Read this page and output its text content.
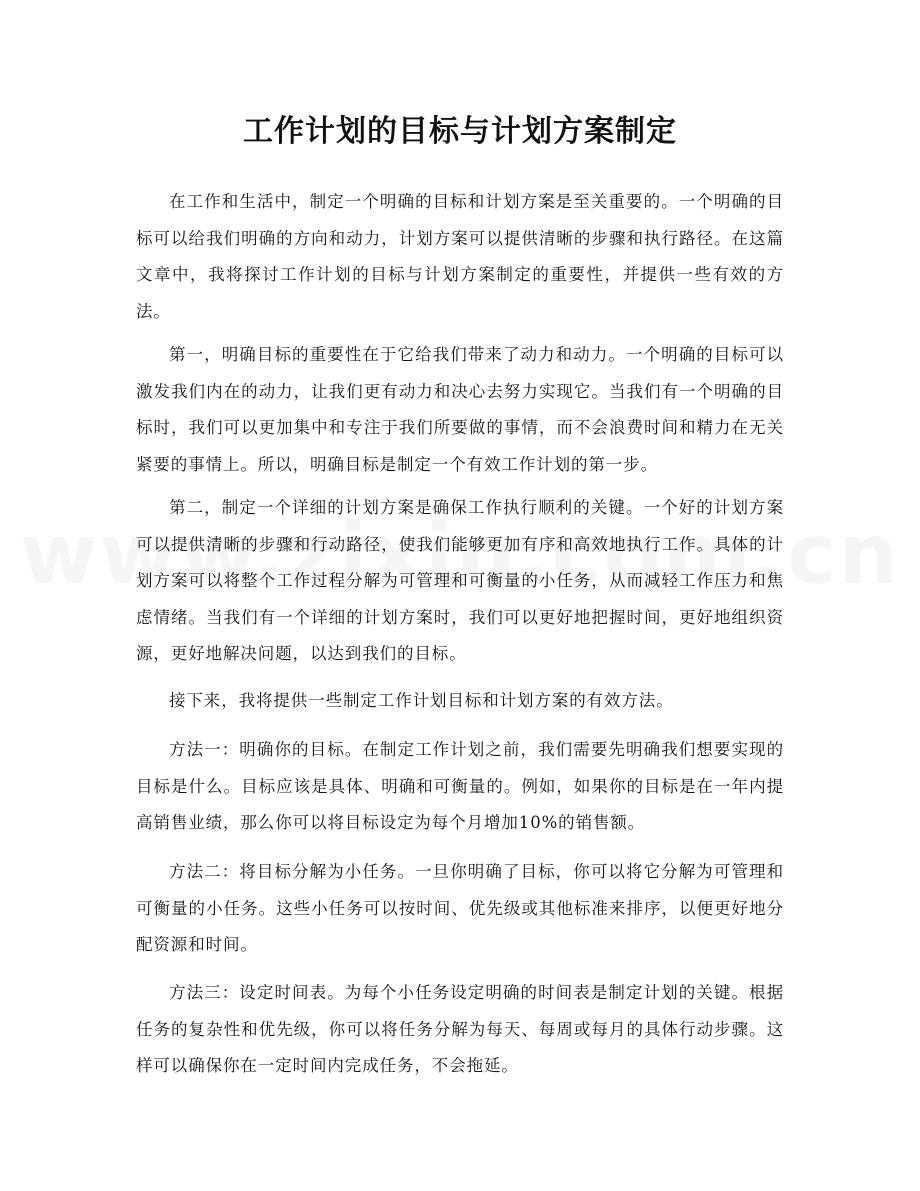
工作计划的目标与计划方案制定

在工作和生活中，制定一个明确的目标和计划方案是至关重要的。一个明确的目标可以给我们明确的方向和动力，计划方案可以提供清晰的步骤和执行路径。在这篇文章中，我将探讨工作计划的目标与计划方案制定的重要性，并提供一些有效的方法。

第一，明确目标的重要性在于它给我们带来了动力和动力。一个明确的目标可以激发我们内在的动力，让我们更有动力和决心去努力实现它。当我们有一个明确的目标时，我们可以更加集中和专注于我们所要做的事情，而不会浪费时间和精力在无关紧要的事情上。所以，明确目标是制定一个有效工作计划的第一步。

第二，制定一个详细的计划方案是确保工作执行顺利的关键。一个好的计划方案可以提供清晰的步骤和行动路径，使我们能够更加有序和高效地执行工作。具体的计划方案可以将整个工作过程分解为可管理和可衡量的小任务，从而减轻工作压力和焦虑情绪。当我们有一个详细的计划方案时，我们可以更好地把握时间，更好地组织资源，更好地解决问题，以达到我们的目标。

接下来，我将提供一些制定工作计划目标和计划方案的有效方法。

方法一：明确你的目标。在制定工作计划之前，我们需要先明确我们想要实现的目标是什么。目标应该是具体、明确和可衡量的。例如，如果你的目标是在一年内提高销售业绩，那么你可以将目标设定为每个月增加10%的销售额。

方法二：将目标分解为小任务。一旦你明确了目标，你可以将它分解为可管理和可衡量的小任务。这些小任务可以按时间、优先级或其他标准来排序，以便更好地分配资源和时间。

方法三：设定时间表。为每个小任务设定明确的时间表是制定计划的关键。根据任务的复杂性和优先级，你可以将任务分解为每天、每周或每月的具体行动步骤。这样可以确保你在一定时间内完成任务，不会拖延。
